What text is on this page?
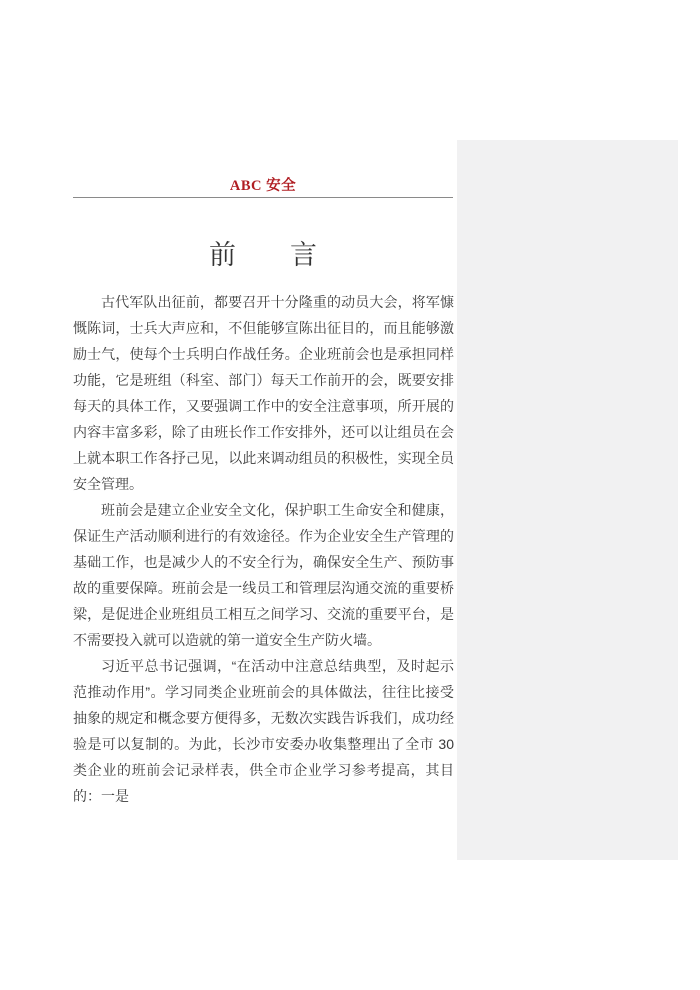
ABC 安全
前　　言

古代军队出征前，都要召开十分隆重的动员大会，将军慷慨陈词，士兵大声应和，不但能够宣陈出征目的，而且能够激励士气，使每个士兵明白作战任务。企业班前会也是承担同样功能，它是班组（科室、部门）每天工作前开的会，既要安排每天的具体工作，又要强调工作中的安全注意事项，所开展的内容丰富多彩，除了由班长作工作安排外，还可以让组员在会上就本职工作各抒己见，以此来调动组员的积极性，实现全员安全管理。

班前会是建立企业安全文化，保护职工生命安全和健康，保证生产活动顺利进行的有效途径。作为企业安全生产管理的基础工作，也是减少人的不安全行为，确保安全生产、预防事故的重要保障。班前会是一线员工和管理层沟通交流的重要桥梁，是促进企业班组员工相互之间学习、交流的重要平台，是不需要投入就可以造就的第一道安全生产防火墙。

习近平总书记强调，“在活动中注意总结典型，及时起示范推动作用”。学习同类企业班前会的具体做法，往往比接受抽象的规定和概念要方便得多，无数次实践告诉我们，成功经验是可以复制的。为此，长沙市安委办收集整理出了全市 30 类企业的班前会记录样表，供全市企业学习参考提高，其目的：一是
